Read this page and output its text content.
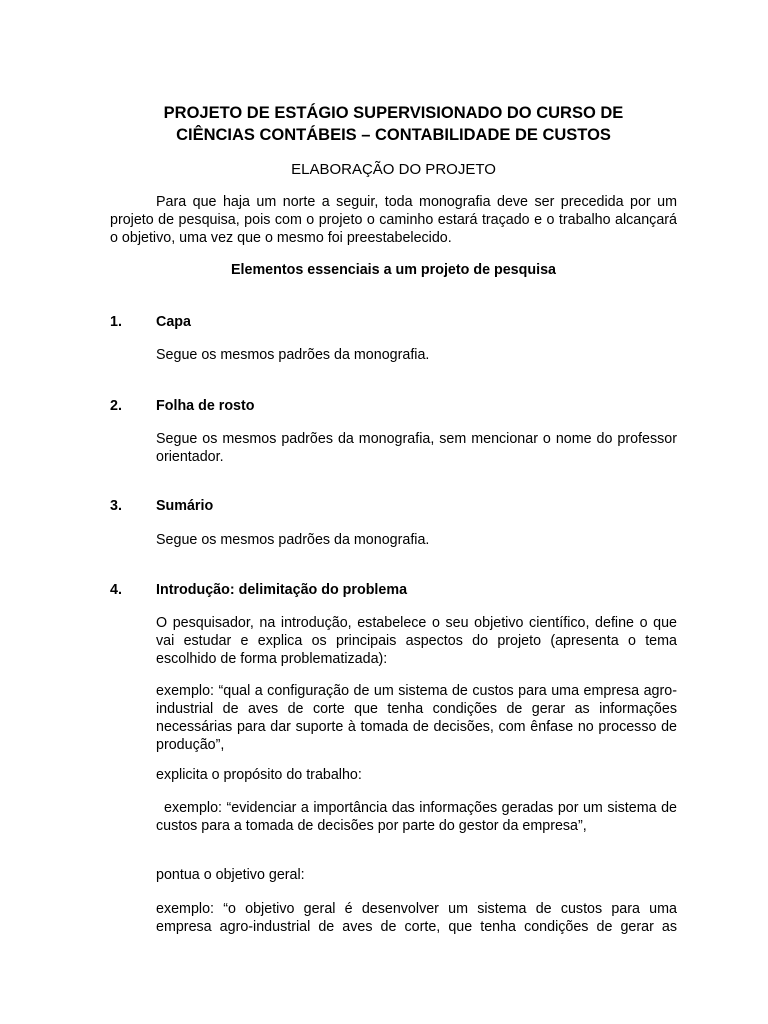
PROJETO DE ESTÁGIO SUPERVISIONADO DO CURSO DE
CIÊNCIAS CONTÁBEIS – CONTABILIDADE DE CUSTOS
ELABORAÇÃO DO PROJETO

Para que haja um norte a seguir, toda monografia deve ser precedida por um projeto de pesquisa, pois com o projeto o caminho estará traçado e o trabalho alcançará o objetivo, uma vez que o mesmo foi preestabelecido.

Elementos essenciais a um projeto de pesquisa
1. Capa

Segue os mesmos padrões da monografia.

2. Folha de rosto

Segue os mesmos padrões da monografia, sem mencionar o nome do professor orientador.

3. Sumário

Segue os mesmos padrões da monografia.

4. Introdução: delimitação do problema

O pesquisador, na introdução, estabelece o seu objetivo científico, define o que vai estudar e explica os principais aspectos do projeto (apresenta o tema escolhido de forma problematizada):

exemplo: “qual a configuração de um sistema de custos para uma empresa agro-industrial de aves de corte que tenha condições de gerar as informações necessárias para dar suporte à tomada de decisões, com ênfase no processo de produção”,

explicita o propósito do trabalho:

exemplo: “evidenciar a importância das informações geradas por um sistema de custos para a tomada de decisões por parte do gestor da empresa”,

pontua o objetivo geral:

exemplo: “o objetivo geral é desenvolver um sistema de custos para uma empresa agro-industrial de aves de corte, que tenha condições de gerar as
